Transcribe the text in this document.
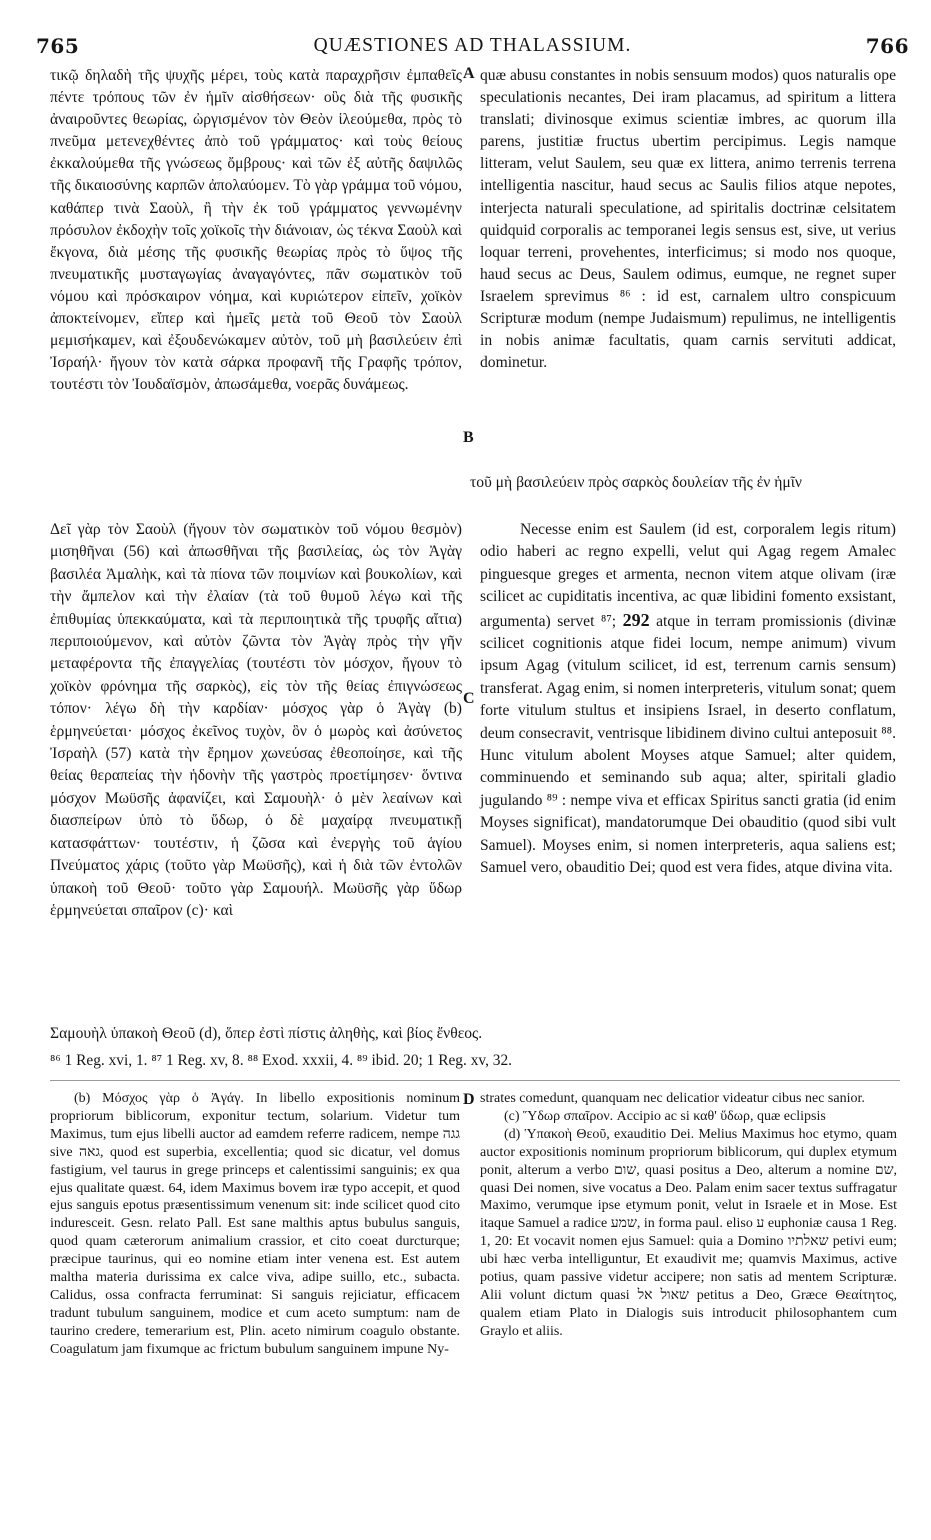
765	QUÆSTIONES AD THALASSIUM.	766
A
B
C
D

τικῷ δηλαδὴ τῆς ψυχῆς μέρει, τοὺς κατὰ παραχρῆσιν ἐμπαθεῖς πέντε τρόπους τῶν ἐν ἡμῖν αἰσθήσεων· οὓς διὰ τῆς φυσικῆς ἀναιροῦντες θεωρίας, ὠργισμένον τὸν Θεὸν ἱλεούμεθα, πρὸς τὸ πνεῦμα μετενεχθέντες ἀπὸ τοῦ γράμματος· καὶ τοὺς θείους ἐκκαλούμεθα τῆς γνώσεως ὄμβρους· καὶ τῶν ἐξ αὐτῆς δαψιλῶς τῆς δικαιοσύνης καρπῶν ἀπολαύομεν. Τὸ γὰρ γράμμα τοῦ νόμου, καθάπερ τινὰ Σαοὺλ, ἢ τὴν ἐκ τοῦ γράμματος γεννωμένην πρόσυλον ἐκδοχὴν τοῖς χοϊκοῖς τὴν διάνοιαν, ὡς τέκνα Σαοὺλ καὶ ἔκγονα, διὰ μέσης τῆς φυσικῆς θεωρίας πρὸς τὸ ὕψος τῆς πνευματικῆς μυσταγωγίας ἀναγαγόντες, πᾶν σωματικὸν τοῦ νόμου καὶ πρόσκαιρον νόημα, καὶ κυριώτερον εἰπεῖν, χοϊκὸν ἀποκτείνομεν, εἴπερ καὶ ἡμεῖς μετὰ τοῦ Θεοῦ τὸν Σαοὺλ μεμισήκαμεν, καὶ ἐξουδενώκαμεν αὐτὸν, τοῦ μὴ βασιλεύειν ἐπὶ Ἰσραήλ· ἤγουν τὸν κατὰ σάρκα προφανῆ τῆς Γραφῆς τρόπον, τουτέστι τὸν Ἰουδαϊσμὸν, ἀπωσάμεθα, νοερᾶς δυνάμεως.

quæ abusu constantes in nobis sensuum modos) quos naturalis ope speculationis necantes, Dei iram placamus, ad spiritum a littera translati; divinosque eximus scientiæ imbres, ac quorum illa parens, justitiæ fructus ubertim percipimus. Legis namque litteram, velut Saulem, seu quæ ex littera, animo terrenis terrena intelligentia nascitur, haud secus ac Saulis filios atque nepotes, interjecta naturali speculatione, ad spiritalis doctrinæ celsitatem quidquid corporalis ac temporanei legis sensus est, sive, ut verius loquar terreni, provehentes, interficimus; si modo nos quoque, haud secus ac Deus, Saulem odimus, eumque, ne regnet super Israelem sprevimus ⁸⁶ : id est, carnalem ultro conspicuum Scripturæ modum (nempe Judaismum) repulimus, ne intelligentis in nobis animæ facultatis, quam carnis servituti addicat, dominetur.

τοῦ μὴ βασιλεύειν πρὸς σαρκὸς δουλείαν τῆς ἐν ἡμῖν

Δεῖ γὰρ τὸν Σαοὺλ (ἤγουν τὸν σωματικὸν τοῦ νόμου θεσμὸν) μισηθῆναι (56) καὶ ἀπωσθῆναι τῆς βασιλείας, ὡς τὸν Ἀγὰγ βασιλέα Ἀμαλὴκ, καὶ τὰ πίονα τῶν ποιμνίων καὶ βουκολίων, καὶ τὴν ἄμπελον καὶ τὴν ἐλαίαν (τὰ τοῦ θυμοῦ λέγω καὶ τῆς ἐπιθυμίας ὑπεκκαύματα, καὶ τὰ περιποιητικὰ τῆς τρυφῆς αἴτια) περιποιούμενον, καὶ αὐτὸν ζῶντα τὸν Ἀγὰγ πρὸς τὴν γῆν μεταφέροντα τῆς ἐπαγγελίας (τουτέστι τὸν μόσχον, ἤγουν τὸ χοϊκὸν φρόνημα τῆς σαρκὸς), εἰς τὸν τῆς θείας ἐπιγνώσεως τόπον· λέγω δὴ τὴν καρδίαν· μόσχος γὰρ ὁ Ἀγὰγ (b) ἑρμηνεύεται· μόσχος ἐκεῖνος τυχὸν, ὃν ὁ μωρὸς καὶ ἀσύνετος Ἰσραὴλ (57) κατὰ τὴν ἔρημον χωνεύσας ἐθεοποίησε, καὶ τῆς θείας θεραπείας τὴν ἡδονὴν τῆς γαστρὸς προετίμησεν· ὅντινα μόσχον Μωϋσῆς ἀφανίζει, καὶ Σαμουὴλ· ὁ μὲν λεαίνων καὶ διασπείρων ὑπὸ τὸ ὕδωρ, ὁ δὲ μαχαίρᾳ πνευματικῇ κατασφάττων· τουτέστιν, ἡ ζῶσα καὶ ἐνεργὴς τοῦ ἁγίου Πνεύματος χάρις (τοῦτο γὰρ Μωϋσῆς), καὶ ἡ διὰ τῶν ἐντολῶν ὑπακοὴ τοῦ Θεοῦ· τοῦτο γὰρ Σαμουήλ. Μωϋσῆς γὰρ ὕδωρ ἑρμηνεύεται σπαῖρον (c)· καὶ

Necesse enim est Saulem (id est, corporalem legis ritum) odio haberi ac regno expelli, velut qui Agag regem Amalec pinguesque greges et armenta, necnon vitem atque olivam (iræ scilicet ac cupiditatis incentiva, ac quæ libidini fomento exsistant, argumenta) servet ⁸⁷; 292 atque in terram promissionis (divinæ scilicet cognitionis atque fidei locum, nempe animum) vivum ipsum Agag (vitulum scilicet, id est, terrenum carnis sensum) transferat. Agag enim, si nomen interpreteris, vitulum sonat; quem forte vitulum stultus et insipiens Israel, in deserto conflatum, deum consecravit, ventrisque libidinem divino cultui anteposuit ⁸⁸. Hunc vitulum abolent Moyses atque Samuel; alter quidem, comminuendo et seminando sub aqua; alter, spiritali gladio jugulando ⁸⁹ : nempe viva et efficax Spiritus sancti gratia (id enim Moyses significat), mandatorumque Dei obauditio (quod sibi vult Samuel). Moyses enim, si nomen interpreteris, aqua saliens est; Samuel vero, obauditio Dei; quod est vera fides, atque divina vita.

Σαμουὴλ ὑπακοὴ Θεοῦ (d), ὅπερ ἐστὶ πίστις ἀληθὴς, καὶ βίος ἔνθεος.
⁸⁶ 1 Reg. xvi, 1. ⁸⁷ 1 Reg. xv, 8. ⁸⁸ Exod. xxxii, 4. ⁸⁹ ibid. 20; 1 Reg. xv, 32.

(b) Μόσχος γὰρ ὁ Ἀγάγ. In libello expositionis nominum propriorum biblicorum, exponitur tectum, solarium. Videtur tum Maximus, tum ejus libelli auctor ad eamdem referre radicem, nempe גגה sive גאה, quod est superbia, excellentia; quod sic dicatur, vel domus fastigium, vel taurus in grege princeps et calentissimi sanguinis; ex qua ejus qualitate quæst. 64, idem Maximus bovem iræ typo accepit, et quod ejus sanguis epotus præsentissimum venenum sit: inde scilicet quod cito induresceit. Gesn. relato Pall. Est sane malthis aptus bubulus sanguis, quod quam cæterorum animalium crassior, et cito coeat durcturque; præcipue taurinus, qui eo nomine etiam inter venena est. Est autem maltha materia durissima ex calce viva, adipe suillo, etc., subacta. Calidus, ossa confracta ferruminat: Si sanguis rejiciatur, efficacem tradunt tubulum sanguinem, modice et cum aceto sumptum: nam de taurino credere, temerarium est, Plin. aceto nimirum coagulo obstante. Coagulatum jam fixumque ac frictum bubulum sanguinem impune Ny-

strates comedunt, quanquam nec delicatior videatur cibus nec sanior.

(c) Ὕδωρ σπαῖρον. Accipio ac si καθ' ὕδωρ, quæ eclipsis

(d) Ὑπακοὴ Θεοῦ, exauditio Dei. Melius Maximus hoc etymo, quam auctor expositionis nominum propriorum biblicorum, qui duplex etymum ponit, alterum a verbo שום, quasi positus a Deo, alterum a nomine שם, quasi Dei nomen, sive vocatus a Deo. Palam enim sacer textus suffragatur Maximo, verumque ipse etymum ponit, velut in Israele et in Mose. Est itaque Samuel a radice שמע, in forma paul. eliso ע euphoniæ causa 1 Reg. 1, 20: Et vocavit nomen ejus Samuel: quia a Domino שאלתיו petivi eum; ubi hæc verba intelliguntur, Et exaudivit me; quamvis Maximus, active potius, quam passive videtur accipere; non satis ad mentem Scripturæ. Alii volunt dictum quasi שאול אל petitus a Deo, Græce Θεαίτητος, qualem etiam Plato in Dialogis suis introducit philosophantem cum Graylo et aliis.
